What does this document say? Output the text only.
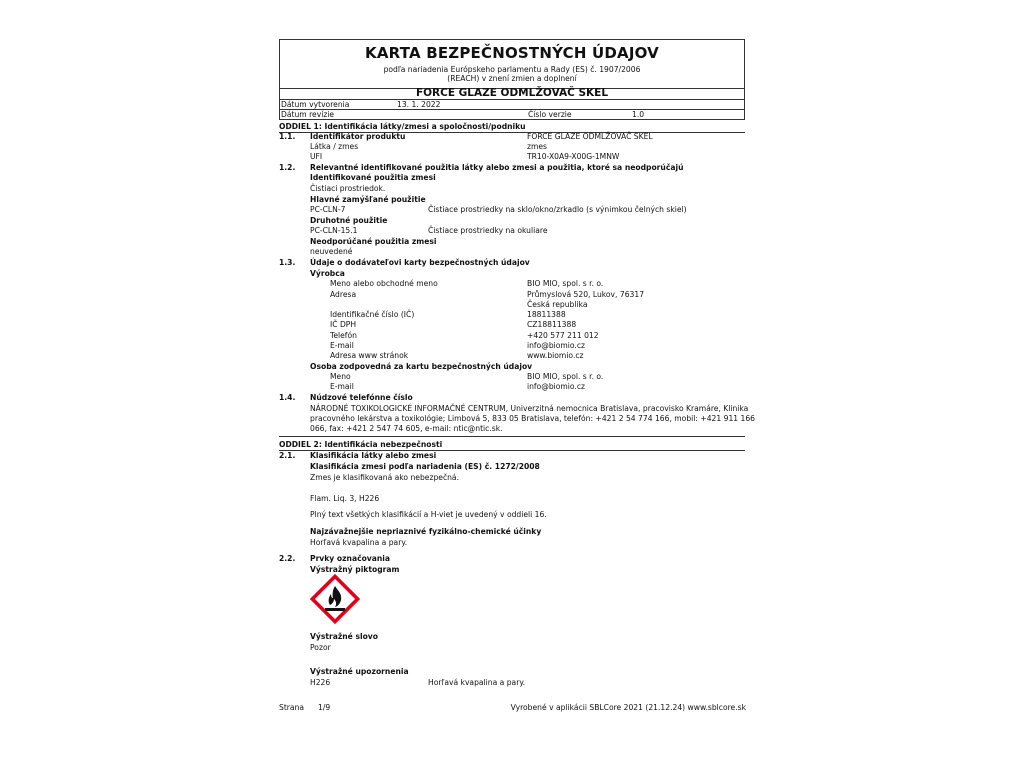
KARTA BEZPEČNOSTNÝCH ÚDAJOV
podľa nariadenia Európskeho parlamentu a Rady (ES) č. 1907/2006
(REACH) v znení zmien a doplnení
FORCE GLAZE ODMLŽOVAČ SKEL
Dátum vytvorenia	13. 1. 2022
Dátum revízie	Číslo verzie	1.0
ODDIEL 1: Identifikácia látky/zmesi a spoločnosti/podniku
1.1. Identifikátor produktu	FORCE GLAZE ODMLŽOVAČ SKEL
Látka / zmes	zmes
UFI	TR10-X0A9-X00G-1MNW
1.2. Relevantné identifikované použitia látky alebo zmesi a použitia, ktoré sa neodporúčajú
Identifikované použitia zmesi
Čistiaci prostriedok.
Hlavné zamýšľané použitie
PC-CLN-7	Čistiace prostriedky na sklo/okno/zrkadlo (s výnimkou čelných skiel)
Druhotné použitie
PC-CLN-15.1	Čistiace prostriedky na okuliare
Neodporúčané použitia zmesi
neuvedené
1.3. Údaje o dodávateľovi karty bezpečnostných údajov
Výrobca
Meno alebo obchodné meno	BIO MIO, spol. s r. o.
Adresa	Průmyslová 520, Lukov, 76317
Česká republika
Identifikačné číslo (IČ)	18811388
IČ DPH	CZ18811388
Telefón	+420 577 211 012
E-mail	info@biomio.cz
Adresa www stránok	www.biomio.cz
Osoba zodpovedná za kartu bezpečnostných údajov
Meno	BIO MIO, spol. s r. o.
E-mail	info@biomio.cz
1.4. Núdzové telefónne číslo
NÁRODNÉ TOXIKOLOGICKÉ INFORMAČNÉ CENTRUM, Univerzitná nemocnica Bratislava, pracovisko Kramáre, Klinika
pracovného lekárstva a toxikológie; Limbová 5, 833 05 Bratislava, telefón: +421 2 54 774 166, mobil: +421 911 166
066, fax: +421 2 547 74 605, e-mail: ntic@ntic.sk.
ODDIEL 2: Identifikácia nebezpečnosti
2.1. Klasifikácia látky alebo zmesi
Klasifikácia zmesi podľa nariadenia (ES) č. 1272/2008
Zmes je klasifikovaná ako nebezpečná.
Flam. Liq. 3, H226
Plný text všetkých klasifikácií a H-viet je uvedený v oddieli 16.
Najzávažnejšie nepriaznivé fyzikálno-chemické účinky
Horľavá kvapalina a pary.
2.2. Prvky označovania
Výstražný piktogram
Výstražné slovo
Pozor
Výstražné upozornenia
H226	Horľavá kvapalina a pary.
Strana 1/9	Vyrobené v aplikácii SBLCore 2021 (21.12.24) www.sblcore.sk
